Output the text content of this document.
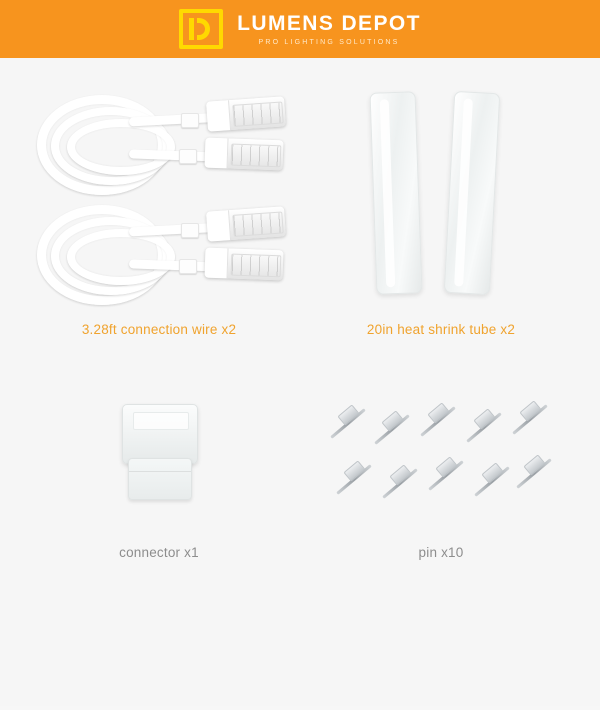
LUMENS DEPOT
PRO LIGHTING SOLUTIONS
3.28ft connection wire x2	20in heat shrink tube x2
connector x1	pin x10
